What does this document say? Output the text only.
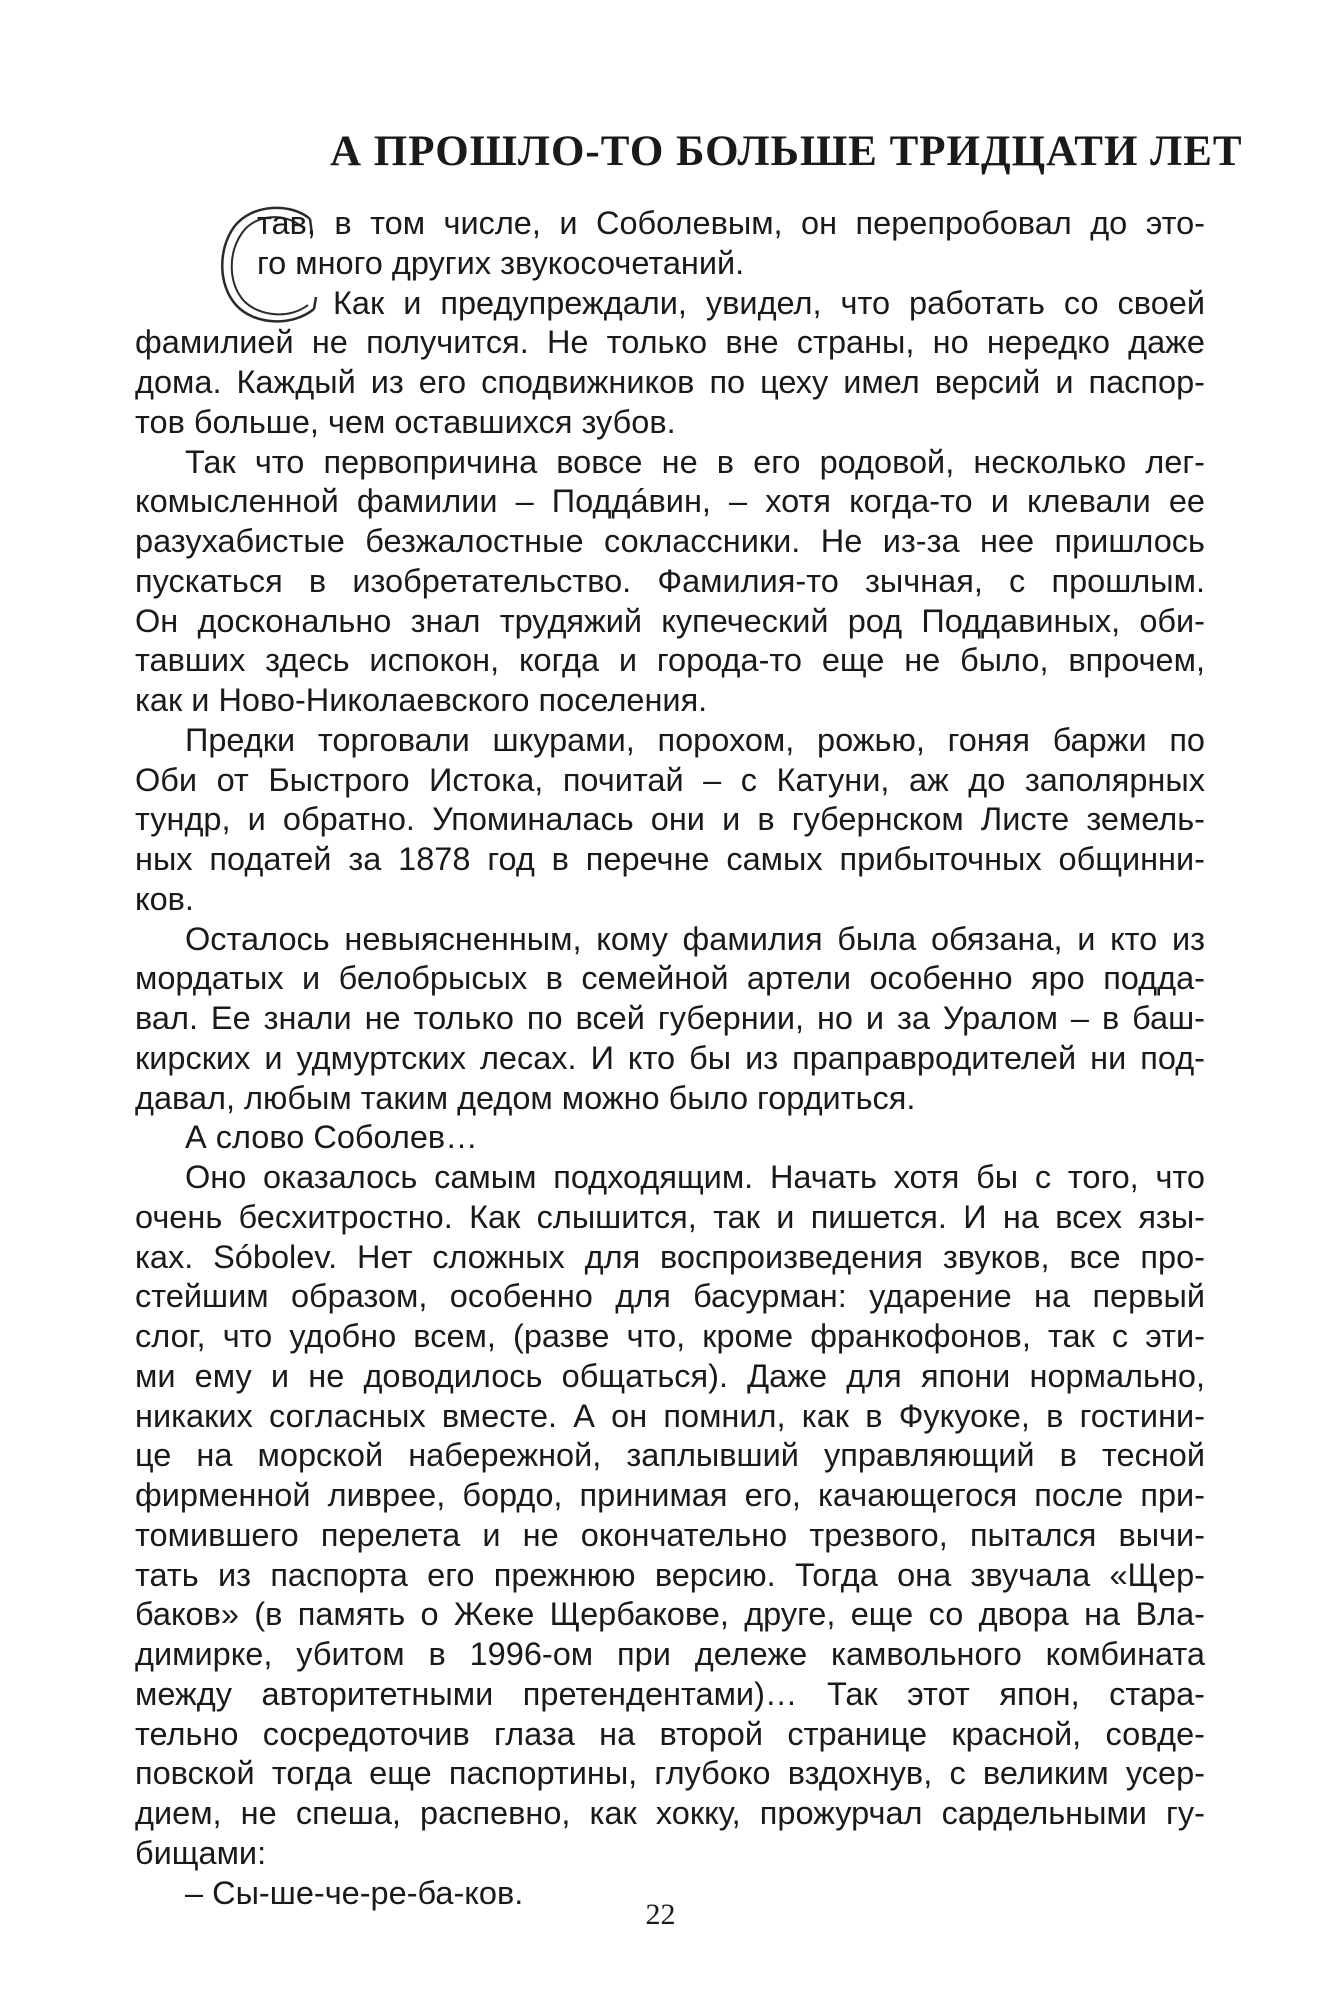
А ПРОШЛО-ТО БОЛЬШЕ ТРИДЦАТИ ЛЕТ
тав, в том числе, и Соболевым, он перепробовал до это-
го много других звукосочетаний.
Как и предупреждали, увидел, что работать со своей
фамилией не получится. Не только вне страны, но нередко даже
дома. Каждый из его сподвижников по цеху имел версий и паспор-
тов больше, чем оставшихся зубов.
Так что первопричина вовсе не в его родовой, несколько лег-
комысленной фамилии – Поддáвин, – хотя когда-то и клевали ее
разухабистые безжалостные соклассники. Не из-за нее пришлось
пускаться в изобретательство. Фамилия-то зычная, с прошлым.
Он досконально знал трудяжий купеческий род Поддавиных, оби-
тавших здесь испокон, когда и города-то еще не было, впрочем,
как и Ново-Николаевского поселения.
Предки торговали шкурами, порохом, рожью, гоняя баржи по
Оби от Быстрого Истока, почитай – с Катуни, аж до заполярных
тундр, и обратно. Упоминалась они и в губернском Листе земель-
ных податей за 1878 год в перечне самых прибыточных общинни-
ков.
Осталось невыясненным, кому фамилия была обязана, и кто из
мордатых и белобрысых в семейной артели особенно яро подда-
вал. Ее знали не только по всей губернии, но и за Уралом – в баш-
кирских и удмуртских лесах. И кто бы из праправродителей ни под-
давал, любым таким дедом можно было гордиться.
А слово Соболев…
Оно оказалось самым подходящим. Начать хотя бы с того, что
очень бесхитростно. Как слышится, так и пишется. И на всех язы-
ках. Sóbolev. Нет сложных для воспроизведения звуков, все про-
стейшим образом, особенно для басурман: ударение на первый
слог, что удобно всем, (разве что, кроме франкофонов, так с эти-
ми ему и не доводилось общаться). Даже для япони нормально,
никаких согласных вместе. А он помнил, как в Фукуоке, в гостини-
це на морской набережной, заплывший управляющий в тесной
фирменной ливрее, бордо, принимая его, качающегося после при-
томившего перелета и не окончательно трезвого, пытался вычи-
тать из паспорта его прежнюю версию. Тогда она звучала «Щер-
баков» (в память о Жеке Щербакове, друге, еще со двора на Вла-
димирке, убитом в 1996-ом при дележе камвольного комбината
между авторитетными претендентами)… Так этот япон, старa-
тельно сосредоточив глаза на второй странице красной, совде-
повской тогда еще паспортины, глубоко вздохнув, с великим усер-
дием, не спеша, распевно, как хокку, прожурчал сардельными гу-
бищами:
– Сы-ше-че-ре-ба-ков.

22
